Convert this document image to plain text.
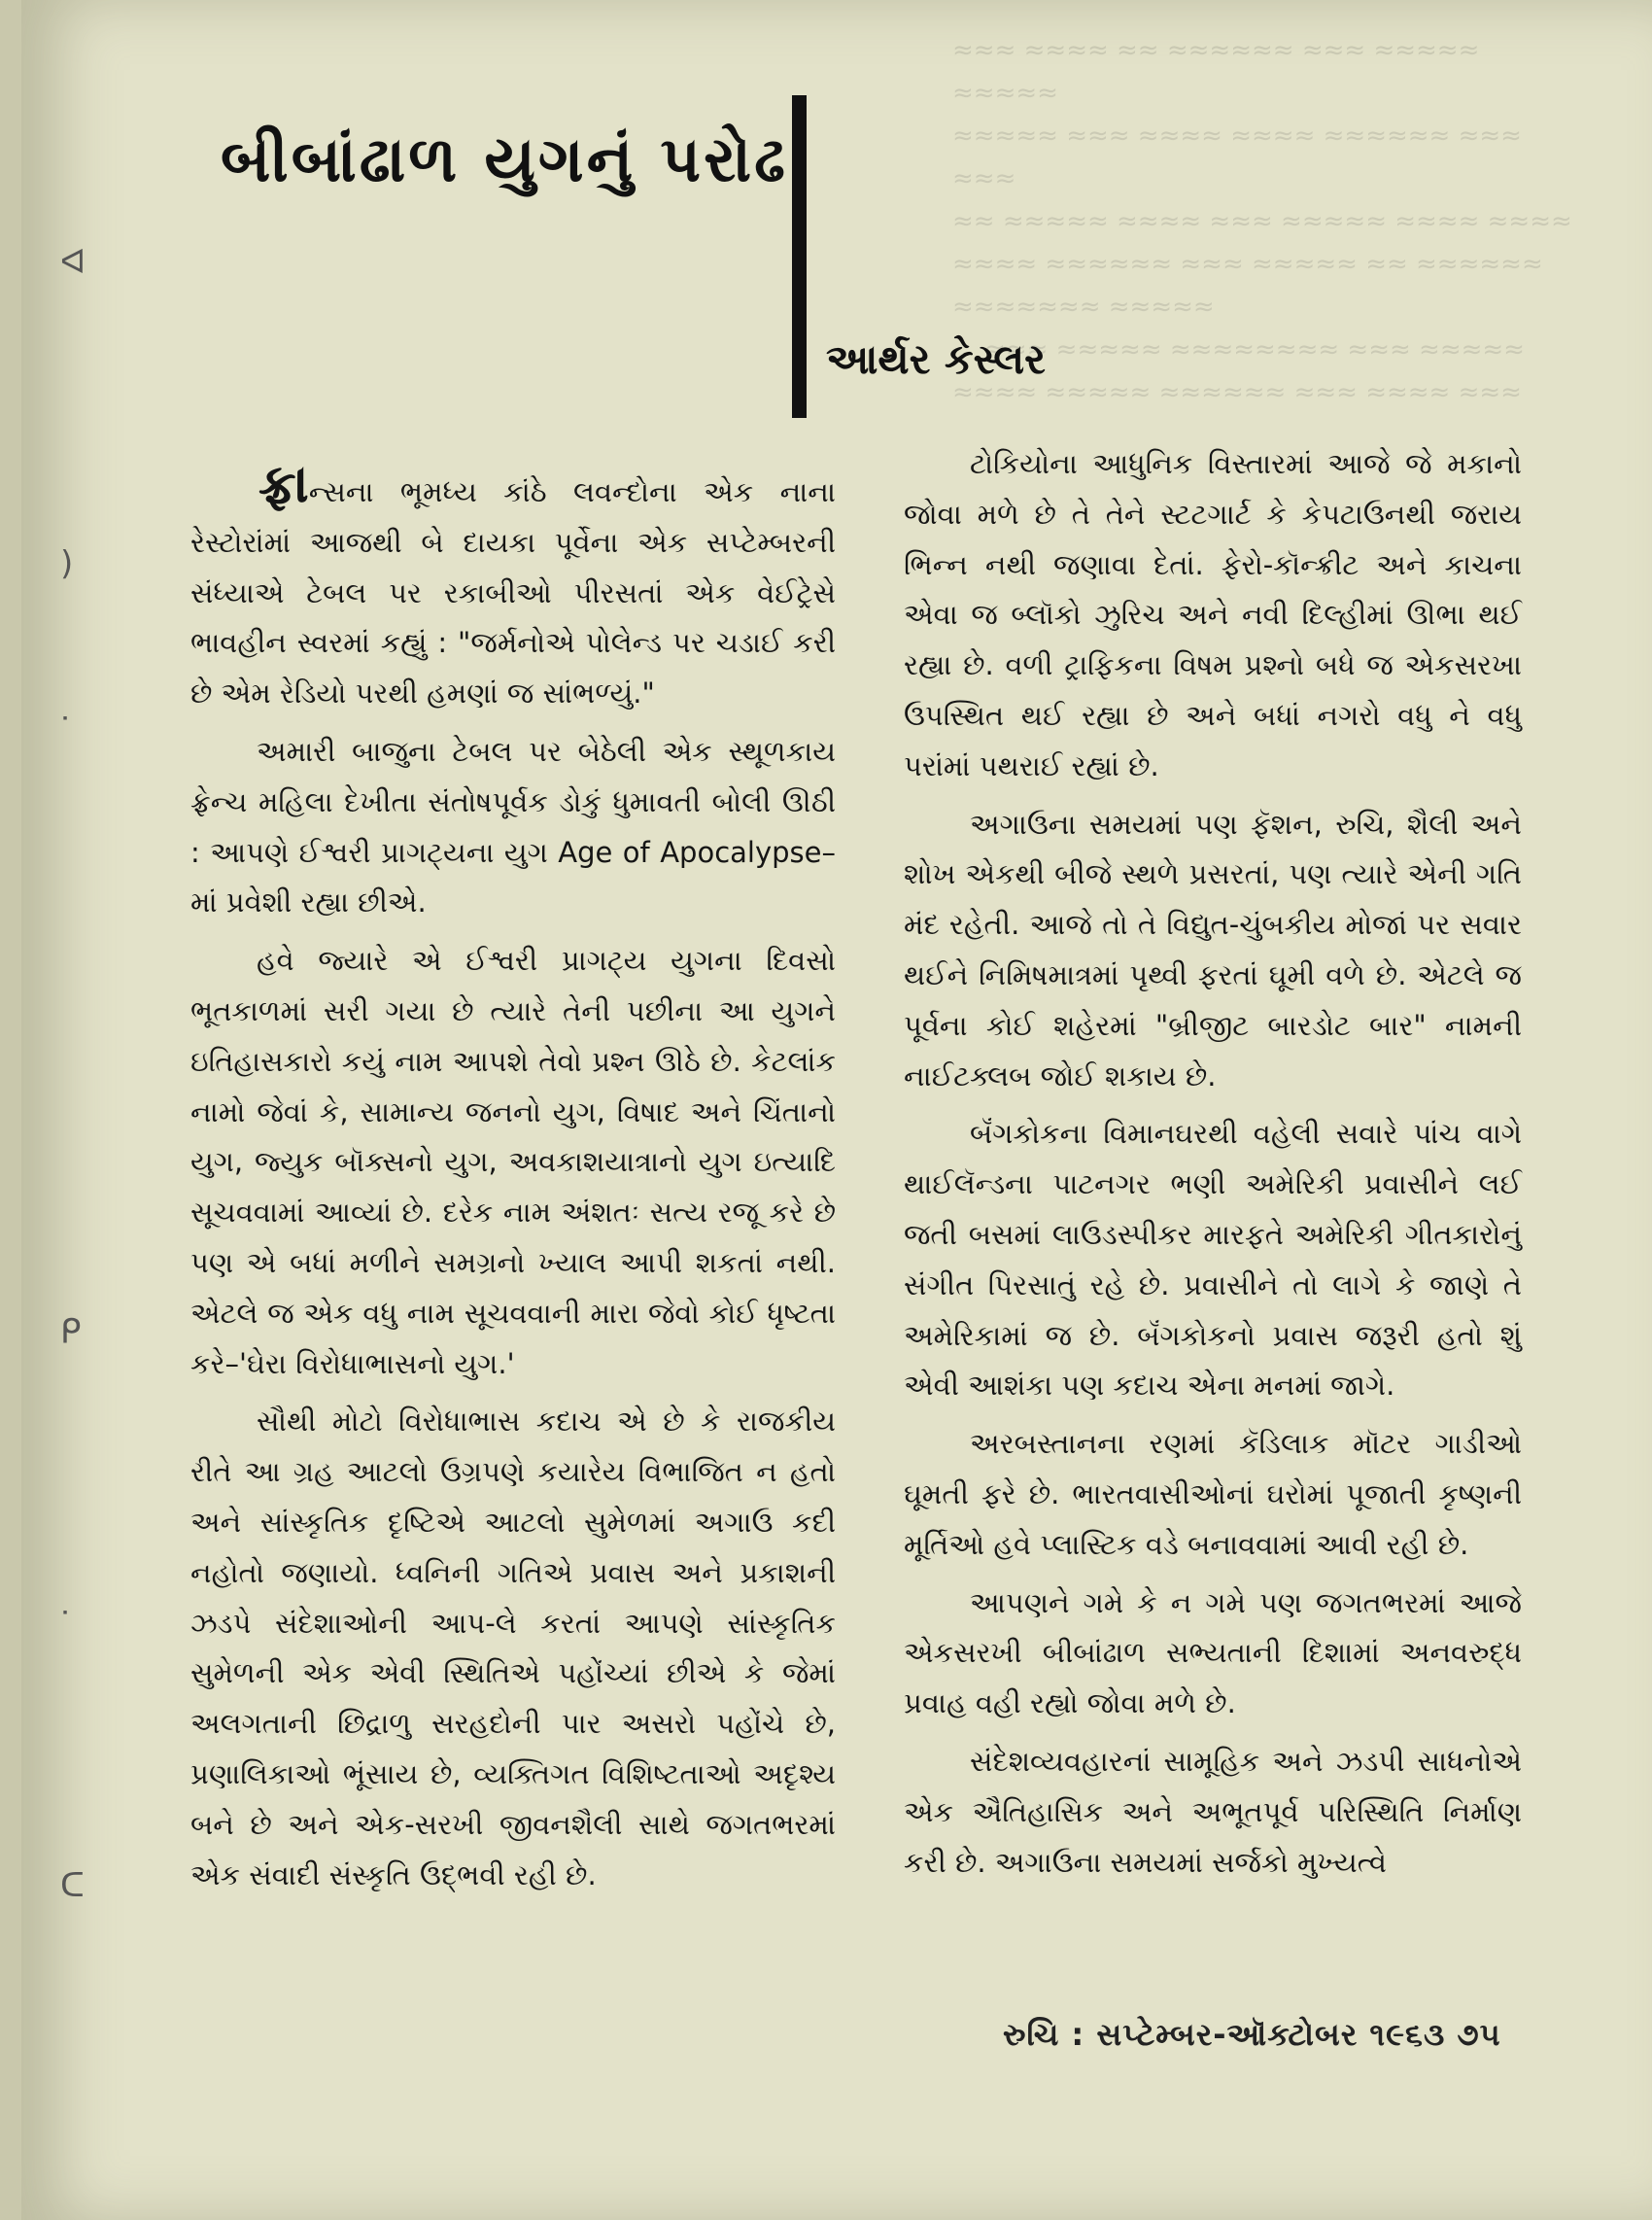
≈≈≈ ≈≈≈≈ ≈≈ ≈≈≈≈≈≈ ≈≈≈ ≈≈≈≈≈ ≈≈≈≈≈
≈≈≈≈≈ ≈≈≈ ≈≈≈≈ ≈≈≈≈ ≈≈≈≈≈≈ ≈≈≈ ≈≈≈
≈≈ ≈≈≈≈≈ ≈≈≈≈ ≈≈≈ ≈≈≈≈≈ ≈≈≈≈ ≈≈≈≈
≈≈≈≈ ≈≈≈≈≈≈ ≈≈≈ ≈≈≈≈≈ ≈≈ ≈≈≈≈≈≈
≈≈≈≈≈≈≈ ≈≈≈≈≈
≈≈≈ ≈≈≈≈≈ ≈≈≈≈≈≈≈≈ ≈≈≈ ≈≈≈≈≈
≈≈≈≈ ≈≈≈≈≈ ≈≈≈≈≈≈ ≈≈≈ ≈≈≈≈ ≈≈≈
ᐊ
)
ᐧ
ᑭ
ᐧ
ᑕ
બીબાંઢાળ યુગનું પરોઢ
આર્થર કેસ્લર

ફ્રાન્સના ભૂમધ્ય કાંઠે લવન્દોના એક નાના રેસ્ટોરાંમાં આજથી બે દાયકા પૂર્વેના એક સપ્ટેમ્બરની સંધ્યાએ ટેબલ પર રકાબીઓ પીરસતાં એક વેઈટ્રેસે ભાવહીન સ્વરમાં કહ્યું : "જર્મનોએ પોલેન્ડ પર ચડાઈ કરી છે એમ રેડિયો પરથી હમણાં જ સાંભળ્યું."

અમારી બાજુના ટેબલ પર બેઠેલી એક સ્થૂળકાય ફ્રેન્ચ મહિલા દેખીતા સંતોષપૂર્વક ડોકું ધુમાવતી બોલી ઊઠી : આપણે ઈશ્વરી પ્રાગટ્યના યુગ Age of Apocalypse–માં પ્રવેશી રહ્યા છીએ.

હવે જ્યારે એ ઈશ્વરી પ્રાગટ્ય યુગના દિવસો ભૂતકાળમાં સરી ગયા છે ત્યારે તેની પછીના આ યુગને ઇતિહાસકારો કયું નામ આપશે તેવો પ્રશ્ન ઊઠે છે. કેટલાંક નામો જેવાં કે, સામાન્ય જનનો યુગ, વિષાદ અને ચિંતાનો યુગ, જ્યુક બૉક્સનો યુગ, અવકાશયાત્રાનો યુગ ઇત્યાદિ સૂચવવામાં આવ્યાં છે. દરેક નામ અંશતઃ સત્ય રજૂ કરે છે પણ એ બધાં મળીને સમગ્રનો ખ્યાલ આપી શકતાં નથી. એટલે જ એક વધુ નામ સૂચવવાની મારા જેવો કોઈ ધૃષ્ટતા કરે–'ઘેરા વિરોધાભાસનો યુગ.'

સૌથી મોટો વિરોધાભાસ કદાચ એ છે કે રાજકીય રીતે આ ગ્રહ આટલો ઉગ્રપણે કયારેય વિભાજિત ન હતો અને સાંસ્કૃતિક દૃષ્ટિએ આટલો સુમેળમાં અગાઉ કદી નહોતો જણાયો. ધ્વનિની ગતિએ પ્રવાસ અને પ્રકાશની ઝડપે સંદેશાઓની આપ-લે કરતાં આપણે સાંસ્કૃતિક સુમેળની એક એવી સ્થિતિએ પહોંચ્યાં છીએ કે જેમાં અલગતાની છિદ્રાળુ સરહદોની પાર અસરો પહોંચે છે, પ્રણાલિકાઓ ભૂંસાય છે, વ્યક્તિગત વિશિષ્ટતાઓ અદૃશ્ય બને છે અને એક-સરખી જીવનશૈલી સાથે જગતભરમાં એક સંવાદી સંસ્કૃતિ ઉદ્ભવી રહી છે.

ટોકિયોના આધુનિક વિસ્તારમાં આજે જે મકાનો જોવા મળે છે તે તેને સ્ટટગાર્ટ કે કેપટાઉનથી જરાય ભિન્ન નથી જણાવા દેતાં. ફેરો-કૉન્ક્રીટ અને કાચના એવા જ બ્લૉકો ઝુરિચ અને નવી દિલ્હીમાં ઊભા થઈ રહ્યા છે. વળી ટ્રાફિકના વિષમ પ્રશ્નો બધે જ એકસરખા ઉપસ્થિત થઈ રહ્યા છે અને બધાં નગરો વધુ ને વધુ પરાંમાં પથરાઈ રહ્યાં છે.

અગાઉના સમયમાં પણ ફૅશન, રુચિ, શૈલી અને શોખ એકથી બીજે સ્થળે પ્રસરતાં, પણ ત્યારે એની ગતિ મંદ રહેતી. આજે તો તે વિદ્યુત-ચુંબકીય મોજાં પર સવાર થઈને નિમિષમાત્રમાં પૃથ્વી ફરતાં ઘૂમી વળે છે. એટલે જ પૂર્વના કોઈ શહેરમાં "બ્રીજીટ બારડોટ બાર" નામની નાઈટક્લબ જોઈ શકાય છે.

બૅંગકોકના વિમાનઘરથી વહેલી સવારે પાંચ વાગે થાઈલૅન્ડના પાટનગર ભણી અમેરિકી પ્રવાસીને લઈ જતી બસમાં લાઉડસ્પીકર મારફતે અમેરિકી ગીતકારોનું સંગીત પિરસાતું રહે છે. પ્રવાસીને તો લાગે કે જાણે તે અમેરિકામાં જ છે. બૅંગકોકનો પ્રવાસ જરૂરી હતો શું એવી આશંકા પણ કદાચ એના મનમાં જાગે.

અરબસ્તાનના રણમાં કૅડિલાક મૉટર ગાડીઓ ઘૂમતી ફરે છે. ભારતવાસીઓનાં ઘરોમાં પૂજાતી કૃષ્ણની મૂર્તિઓ હવે પ્લાસ્ટિક વડે બનાવવામાં આવી રહી છે.

આપણને ગમે કે ન ગમે પણ જગતભરમાં આજે એકસરખી બીબાંઢાળ સભ્યતાની દિશામાં અનવરુદ્ધ પ્રવાહ વહી રહ્યો જોવા મળે છે.

સંદેશવ્યવહારનાં સામૂહિક અને ઝડપી સાધનોએ એક ઐતિહાસિક અને અભૂતપૂર્વ પરિસ્થિતિ નિર્માણ કરી છે. અગાઉના સમયમાં સર્જકો મુખ્યત્વે

રુચિ : સપ્ટેમ્બર-ઑક્ટોબર ૧૯૬૩ ૭૫
